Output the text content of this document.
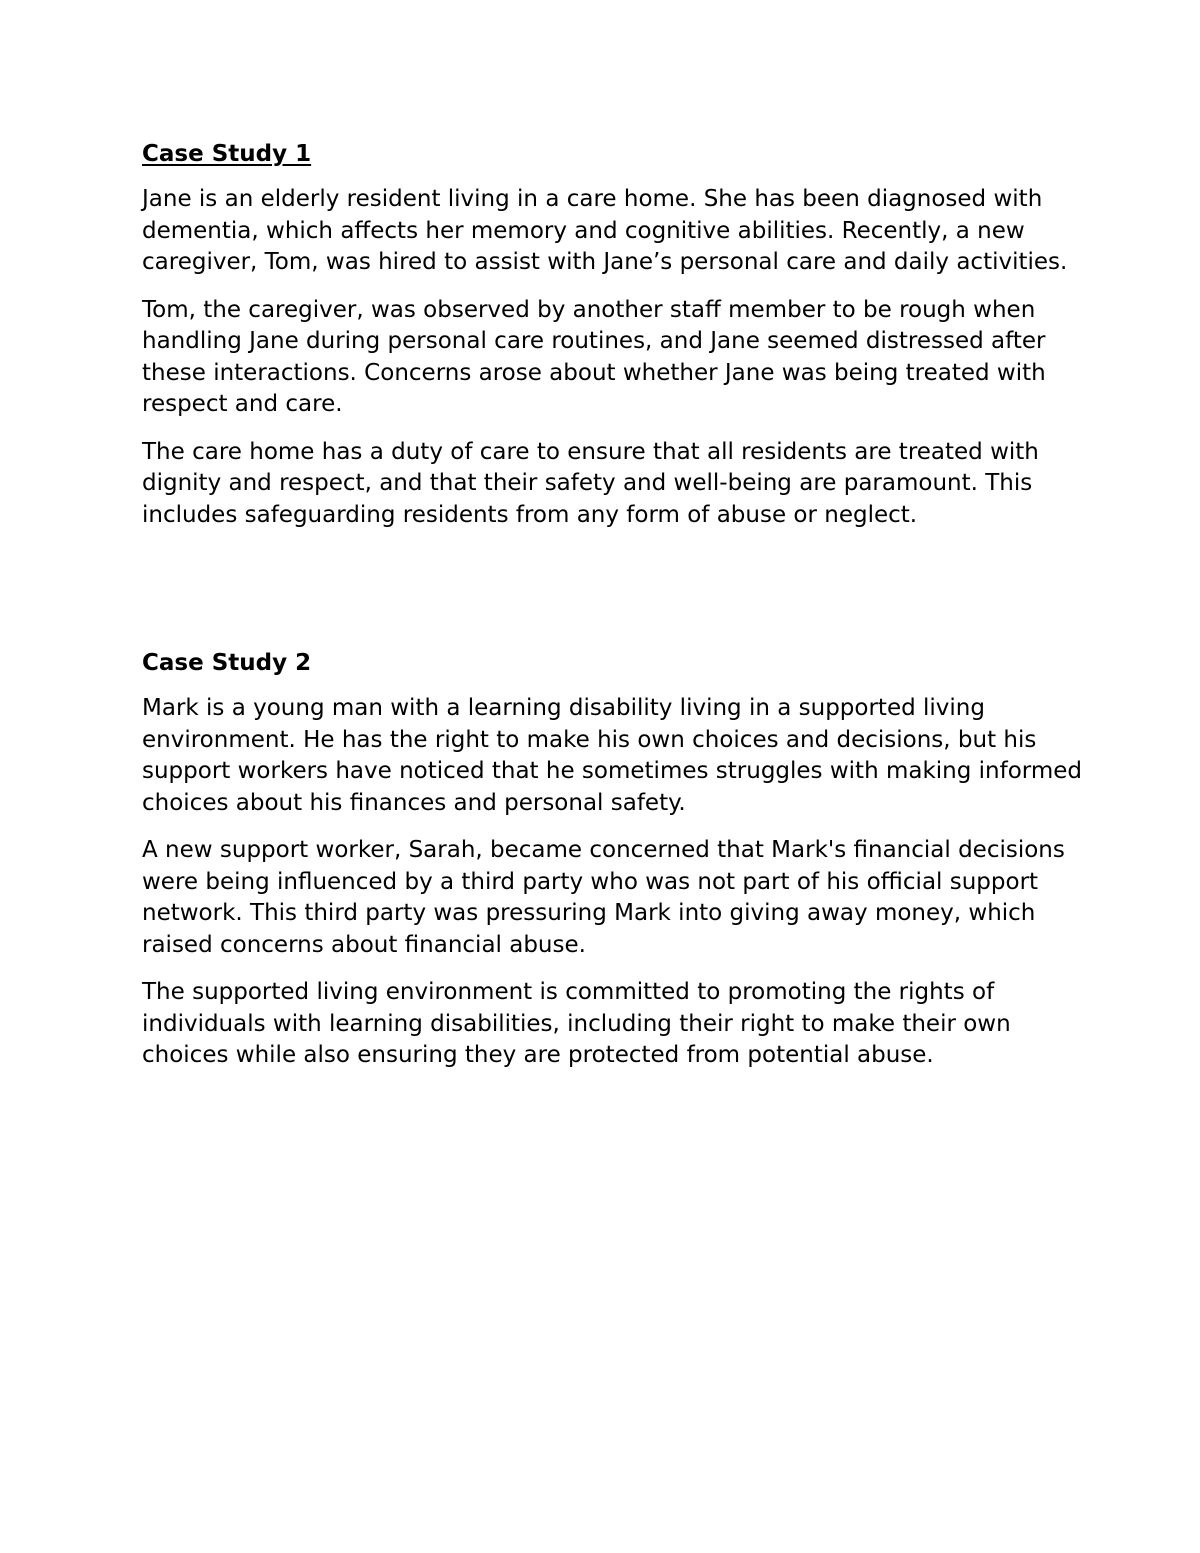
Case Study 1

Jane is an elderly resident living in a care home. She has been diagnosed with dementia, which affects her memory and cognitive abilities. Recently, a new caregiver, Tom, was hired to assist with Jane’s personal care and daily activities.

Tom, the caregiver, was observed by another staff member to be rough when handling Jane during personal care routines, and Jane seemed distressed after these interactions. Concerns arose about whether Jane was being treated with respect and care.

The care home has a duty of care to ensure that all residents are treated with dignity and respect, and that their safety and well-being are paramount. This includes safeguarding residents from any form of abuse or neglect.

Case Study 2

Mark is a young man with a learning disability living in a supported living environment. He has the right to make his own choices and decisions, but his support workers have noticed that he sometimes struggles with making informed choices about his finances and personal safety.

A new support worker, Sarah, became concerned that Mark's financial decisions were being influenced by a third party who was not part of his official support network. This third party was pressuring Mark into giving away money, which raised concerns about financial abuse.

The supported living environment is committed to promoting the rights of individuals with learning disabilities, including their right to make their own choices while also ensuring they are protected from potential abuse.
